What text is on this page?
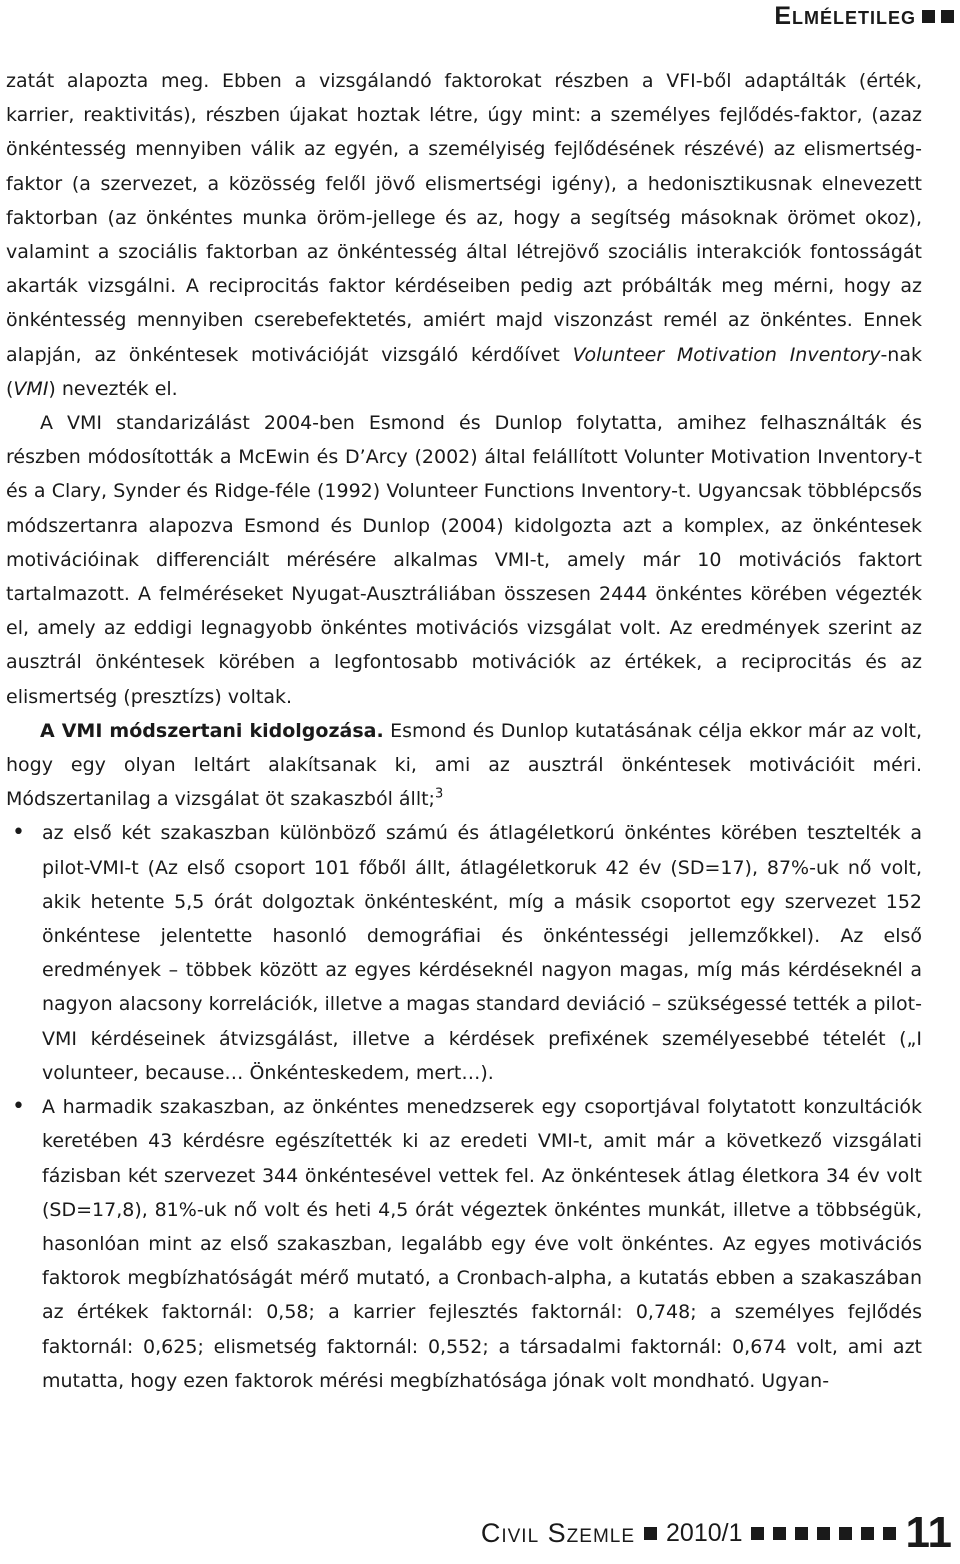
Elméletileg

zatát alapozta meg. Ebben a vizsgálandó faktorokat részben a VFI-ből adaptálták (érték, karrier, reaktivitás), részben újakat hoztak létre, úgy mint: a személyes fejlődés-faktor, (azaz önkéntesség mennyiben válik az egyén, a személyiség fejlődésének részévé) az elismertség-faktor (a szervezet, a közösség felől jövő elismertségi igény), a hedonisztikusnak elnevezett faktorban (az önkéntes munka öröm-jellege és az, hogy a segítség másoknak örömet okoz), valamint a szociális faktorban az önkéntesség által létrejövő szociális interakciók fontosságát akarták vizsgálni. A reciprocitás faktor kérdéseiben pedig azt próbálták meg mérni, hogy az önkéntesség mennyiben cserebefektetés, amiért majd viszonzást remél az önkéntes. Ennek alapján, az önkéntesek motivációját vizsgáló kérdőívet Volunteer Motivation Inventory-nak (VMI) nevezték el.

A VMI standarizálást 2004-ben Esmond és Dunlop folytatta, amihez felhasználták és részben módosították a McEwin és D’Arcy (2002) által felállított Volunter Motivation Inventory-t és a Clary, Synder és Ridge-féle (1992) Volunteer Functions Inventory-t. Ugyancsak többlépcsős módszertanra alapozva Esmond és Dunlop (2004) kidolgozta azt a komplex, az önkéntesek motivációinak differenciált mérésére alkalmas VMI-t, amely már 10 motivációs faktort tartalmazott. A felméréseket Nyugat-Ausztráliában összesen 2444 önkéntes körében végezték el, amely az eddigi legnagyobb önkéntes motivációs vizsgálat volt. Az eredmények szerint az ausztrál önkéntesek körében a legfontosabb motivációk az értékek, a reciprocitás és az elismertség (presztízs) voltak.

A VMI módszertani kidolgozása. Esmond és Dunlop kutatásának célja ekkor már az volt, hogy egy olyan leltárt alakítsanak ki, ami az ausztrál önkéntesek motivációit méri. Módszertanilag a vizsgálat öt szakaszból állt;$^3$

• az első két szakaszban különböző számú és átlagéletkorú önkéntes körében tesztelték a pilot-VMI-t (Az első csoport 101 főből állt, átlagéletkoruk 42 év (SD=17), 87%-uk nő volt, akik hetente 5,5 órát dolgoztak önkéntesként, míg a másik csoportot egy szervezet 152 önkéntese jelentette hasonló demográfiai és önkéntességi jellemzőkkel). Az első eredmények – többek között az egyes kérdéseknél nagyon magas, míg más kérdéseknél a nagyon alacsony korrelációk, illetve a magas standard deviáció – szükségessé tették a pilot-VMI kérdéseinek átvizsgálást, illetve a kérdések prefixének személyesebbé tételét („I volunteer, because… Önkénteskedem, mert…).
• A harmadik szakaszban, az önkéntes menedzserek egy csoportjával folytatott konzultációk keretében 43 kérdésre egészítették ki az eredeti VMI-t, amit már a következő vizsgálati fázisban két szervezet 344 önkéntesével vettek fel. Az önkéntesek átlag életkora 34 év volt (SD=17,8), 81%-uk nő volt és heti 4,5 órát végeztek önkéntes munkát, illetve a többségük, hasonlóan mint az első szakaszban, legalább egy éve volt önkéntes. Az egyes motivációs faktorok megbízhatóságát mérő mutató, a Cronbach-alpha, a kutatás ebben a szakaszában az értékek faktornál: 0,58; a karrier fejlesztés faktornál: 0,748; a személyes fejlődés faktornál: 0,625; elismetség faktornál: 0,552; a társadalmi faktornál: 0,674 volt, ami azt mutatta, hogy ezen faktorok mérési megbízhatósága jónak volt mondható. Ugyan-
Civil Szemle 2010/1	11
